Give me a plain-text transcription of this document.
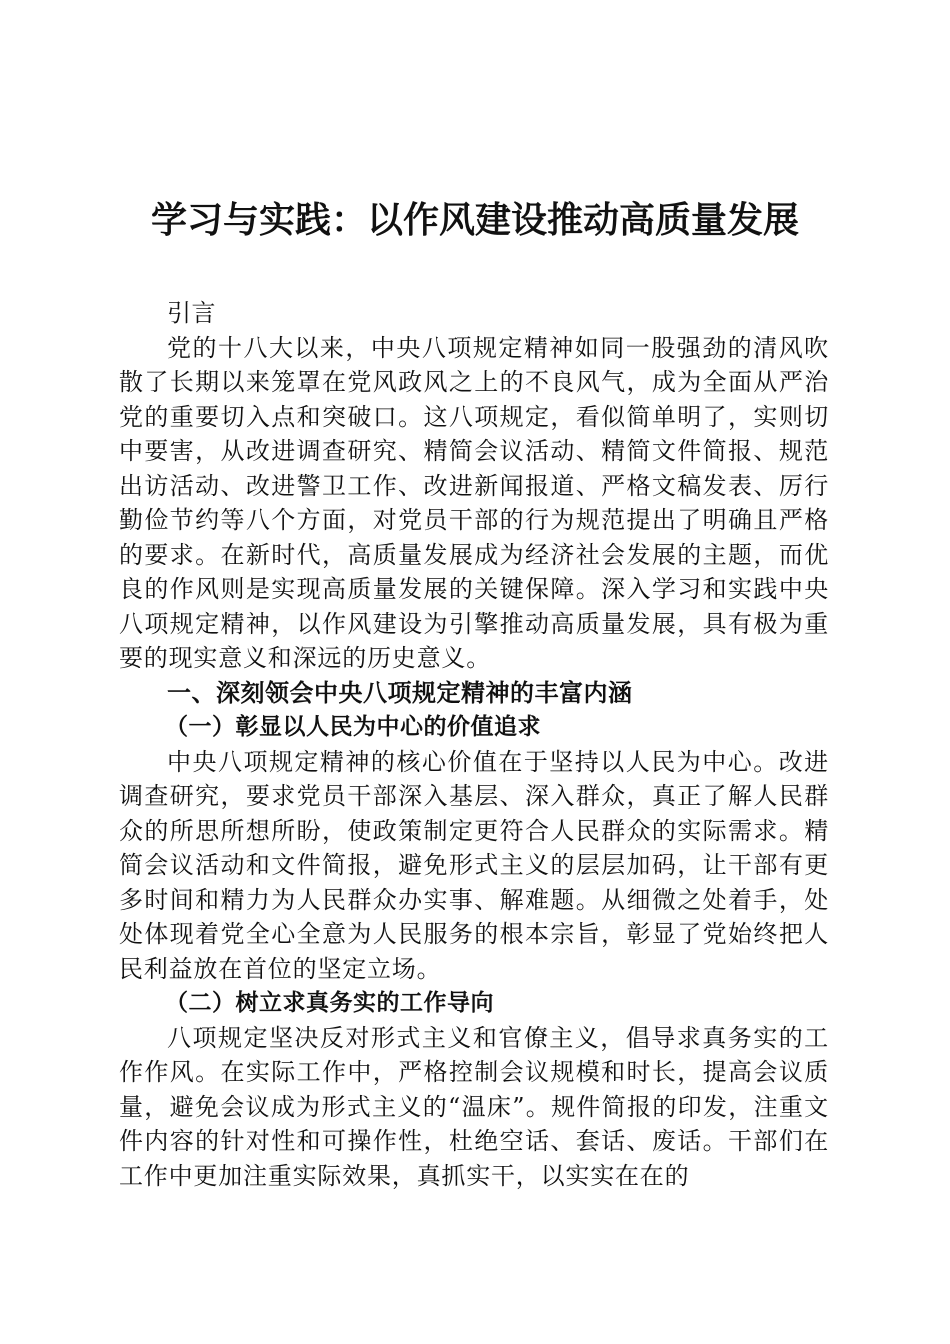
学习与实践：以作风建设推动高质量发展

引言

党的十八大以来，中央八项规定精神如同一股强劲的清风吹散了长期以来笼罩在党风政风之上的不良风气，成为全面从严治党的重要切入点和突破口。这八项规定，看似简单明了，实则切中要害，从改进调查研究、精简会议活动、精简文件简报、规范出访活动、改进警卫工作、改进新闻报道、严格文稿发表、厉行勤俭节约等八个方面，对党员干部的行为规范提出了明确且严格的要求。在新时代，高质量发展成为经济社会发展的主题，而优良的作风则是实现高质量发展的关键保障。深入学习和实践中央八项规定精神，以作风建设为引擎推动高质量发展，具有极为重要的现实意义和深远的历史意义。

一、深刻领会中央八项规定精神的丰富内涵

（一）彰显以人民为中心的价值追求

中央八项规定精神的核心价值在于坚持以人民为中心。改进调查研究，要求党员干部深入基层、深入群众，真正了解人民群众的所思所想所盼，使政策制定更符合人民群众的实际需求。精简会议活动和文件简报，避免形式主义的层层加码，让干部有更多时间和精力为人民群众办实事、解难题。从细微之处着手，处处体现着党全心全意为人民服务的根本宗旨，彰显了党始终把人民利益放在首位的坚定立场。

（二）树立求真务实的工作导向

八项规定坚决反对形式主义和官僚主义，倡导求真务实的工作作风。在实际工作中，严格控制会议规模和时长，提高会议质量，避免会议成为形式主义的“温床”。规件简报的印发，注重文件内容的针对性和可操作性，杜绝空话、套话、废话。干部们在工作中更加注重实际效果，真抓实干，以实实在在的
